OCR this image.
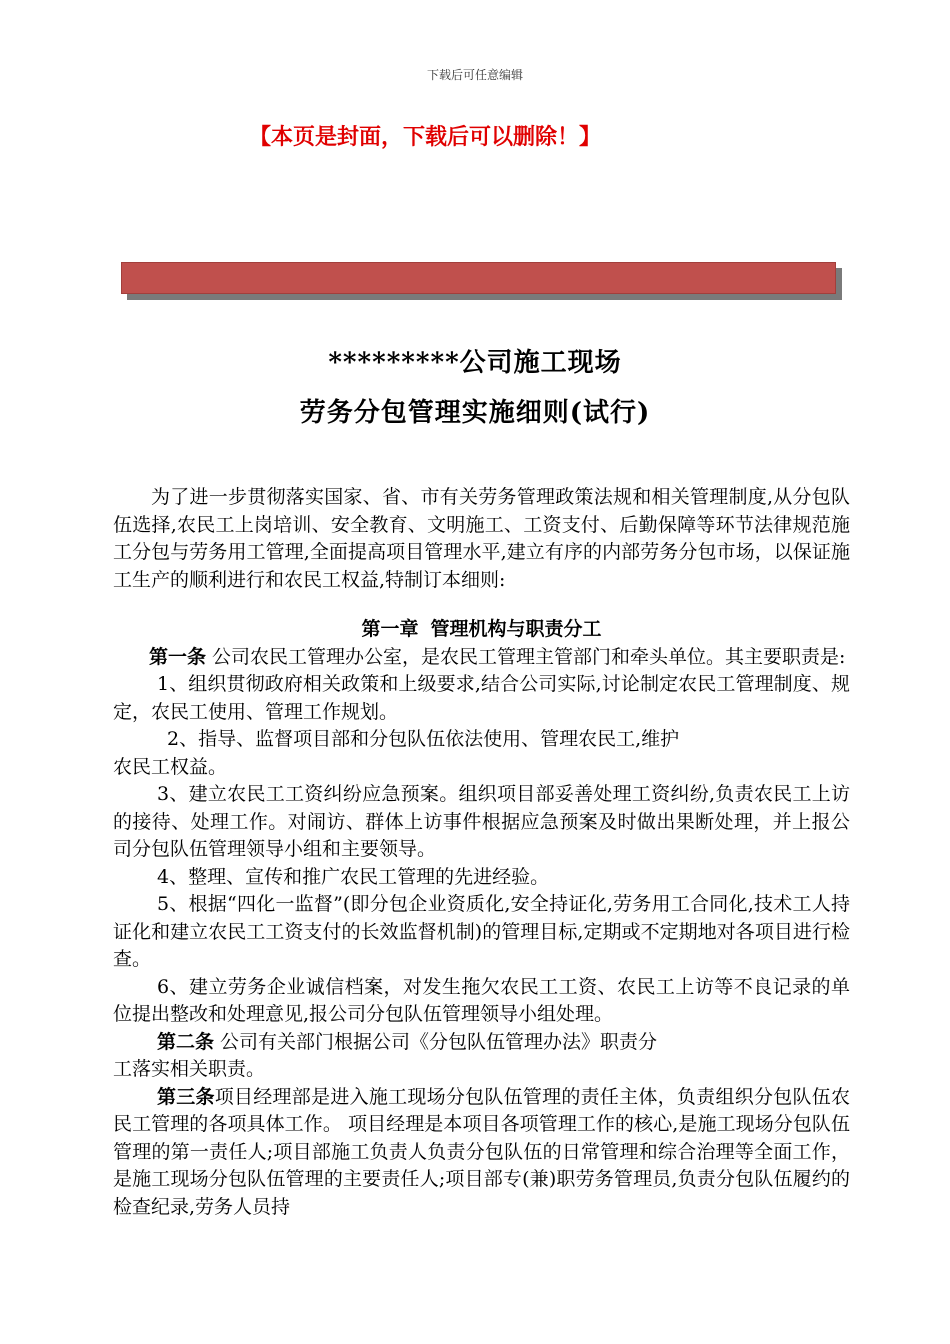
下载后可任意编辑
【本页是封面，下载后可以删除！】
*********公司施工现场
劳务分包管理实施细则(试行)

为了进一步贯彻落实国家、省、市有关劳务管理政策法规和相关管理制度,从分包队伍选择,农民工上岗培训、安全教育、文明施工、工资支付、后勤保障等环节法律规范施工分包与劳务用工管理,全面提高项目管理水平,建立有序的内部劳务分包市场，以保证施工生产的顺利进行和农民工权益,特制订本细则:

第一章 管理机构与职责分工

第一条 公司农民工管理办公室，是农民工管理主管部门和牵头单位。其主要职责是:

1、组织贯彻政府相关政策和上级要求,结合公司实际,讨论制定农民工管理制度、规定，农民工使用、管理工作规划。

2、指导、监督项目部和分包队伍依法使用、管理农民工,维护

农民工权益。

3、建立农民工工资纠纷应急预案。组织项目部妥善处理工资纠纷,负责农民工上访的接待、处理工作。对闹访、群体上访事件根据应急预案及时做出果断处理，并上报公司分包队伍管理领导小组和主要领导。

4、整理、宣传和推广农民工管理的先进经验。

5、根据“四化一监督”(即分包企业资质化,安全持证化,劳务用工合同化,技术工人持证化和建立农民工工资支付的长效监督机制)的管理目标,定期或不定期地对各项目进行检查。

6、建立劳务企业诚信档案，对发生拖欠农民工工资、农民工上访等不良记录的单位提出整改和处理意见,报公司分包队伍管理领导小组处理。

第二条 公司有关部门根据公司《分包队伍管理办法》职责分

工落实相关职责。

第三条项目经理部是进入施工现场分包队伍管理的责任主体，负责组织分包队伍农民工管理的各项具体工作。 项目经理是本项目各项管理工作的核心,是施工现场分包队伍管理的第一责任人;项目部施工负责人负责分包队伍的日常管理和综合治理等全面工作，是施工现场分包队伍管理的主要责任人;项目部专(兼)职劳务管理员,负责分包队伍履约的检查纪录,劳务人员持
